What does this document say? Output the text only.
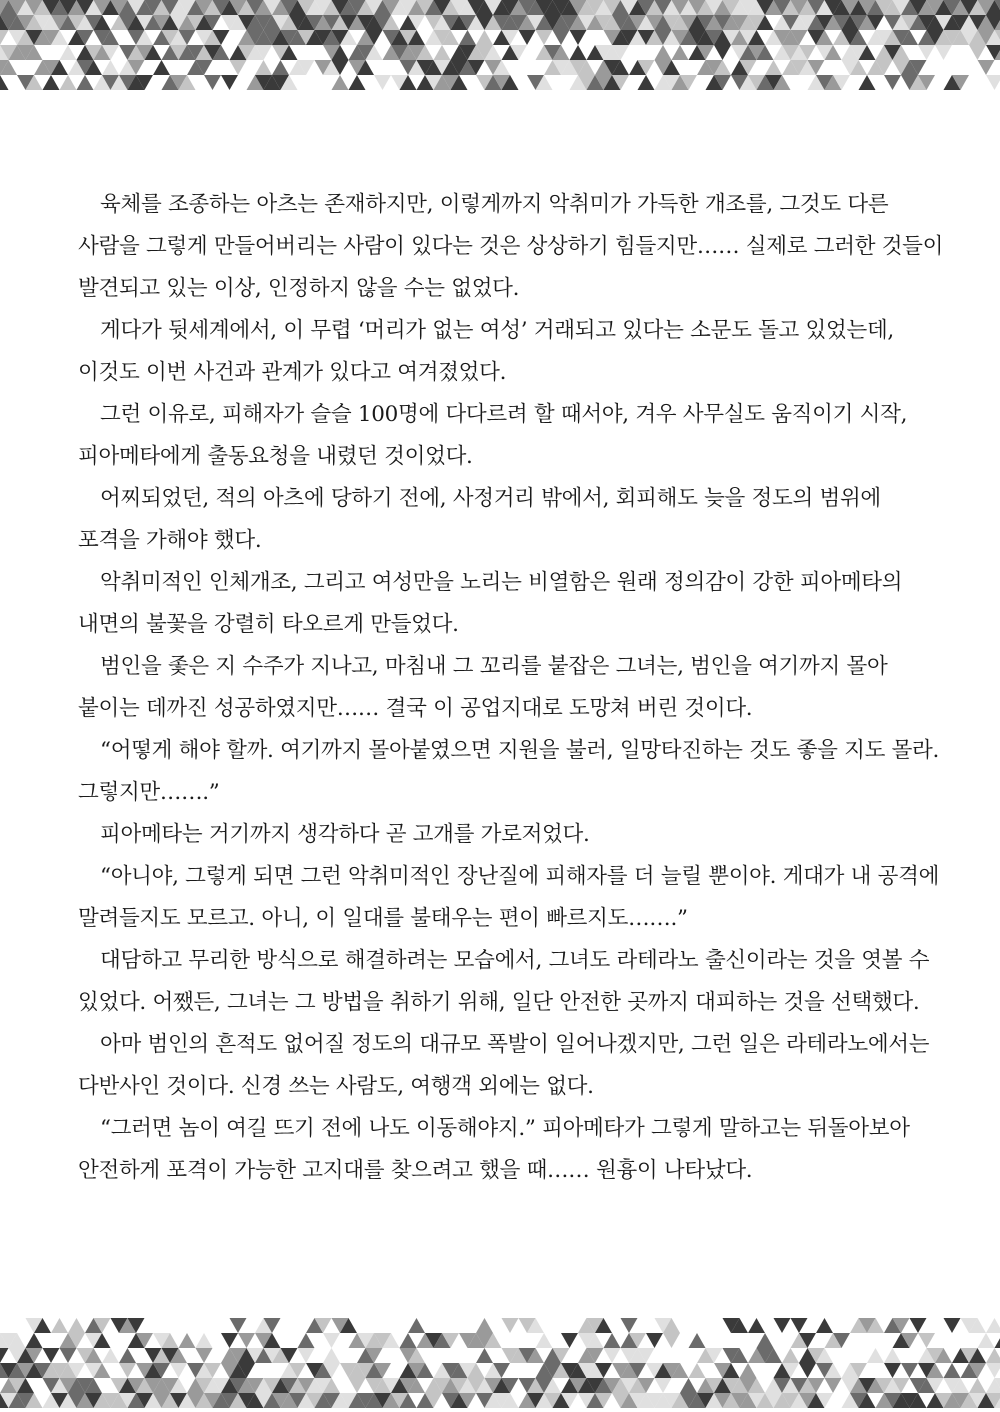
육체를 조종하는 아츠는 존재하지만, 이렇게까지 악취미가 가득한 개조를, 그것도 다른

사람을 그렇게 만들어버리는 사람이 있다는 것은 상상하기 힘들지만…… 실제로 그러한 것들이

발견되고 있는 이상, 인정하지 않을 수는 없었다.

게다가 뒷세계에서, 이 무렵 ‘머리가 없는 여성’ 거래되고 있다는 소문도 돌고 있었는데,

이것도 이번 사건과 관계가 있다고 여겨졌었다.

그런 이유로, 피해자가 슬슬 100명에 다다르려 할 때서야, 겨우 사무실도 움직이기 시작,

피아메타에게 출동요청을 내렸던 것이었다.

어찌되었던, 적의 아츠에 당하기 전에, 사정거리 밖에서, 회피해도 늦을 정도의 범위에

포격을 가해야 했다.

악취미적인 인체개조, 그리고 여성만을 노리는 비열함은 원래 정의감이 강한 피아메타의

내면의 불꽃을 강렬히 타오르게 만들었다.

범인을 좇은 지 수주가 지나고, 마침내 그 꼬리를 붙잡은 그녀는, 범인을 여기까지 몰아

붙이는 데까진 성공하였지만…… 결국 이 공업지대로 도망쳐 버린 것이다.

“어떻게 해야 할까. 여기까지 몰아붙였으면 지원을 불러, 일망타진하는 것도 좋을 지도 몰라.

그렇지만…….”

피아메타는 거기까지 생각하다 곧 고개를 가로저었다.

“아니야, 그렇게 되면 그런 악취미적인 장난질에 피해자를 더 늘릴 뿐이야. 게대가 내 공격에

말려들지도 모르고. 아니, 이 일대를 불태우는 편이 빠르지도…….”

대담하고 무리한 방식으로 해결하려는 모습에서, 그녀도 라테라노 출신이라는 것을 엿볼 수

있었다. 어쨌든, 그녀는 그 방법을 취하기 위해, 일단 안전한 곳까지 대피하는 것을 선택했다.

아마 범인의 흔적도 없어질 정도의 대규모 폭발이 일어나겠지만, 그런 일은 라테라노에서는

다반사인 것이다. 신경 쓰는 사람도, 여행객 외에는 없다.

“그러면 놈이 여길 뜨기 전에 나도 이동해야지.” 피아메타가 그렇게 말하고는 뒤돌아보아

안전하게 포격이 가능한 고지대를 찾으려고 했을 때…… 원흉이 나타났다.
